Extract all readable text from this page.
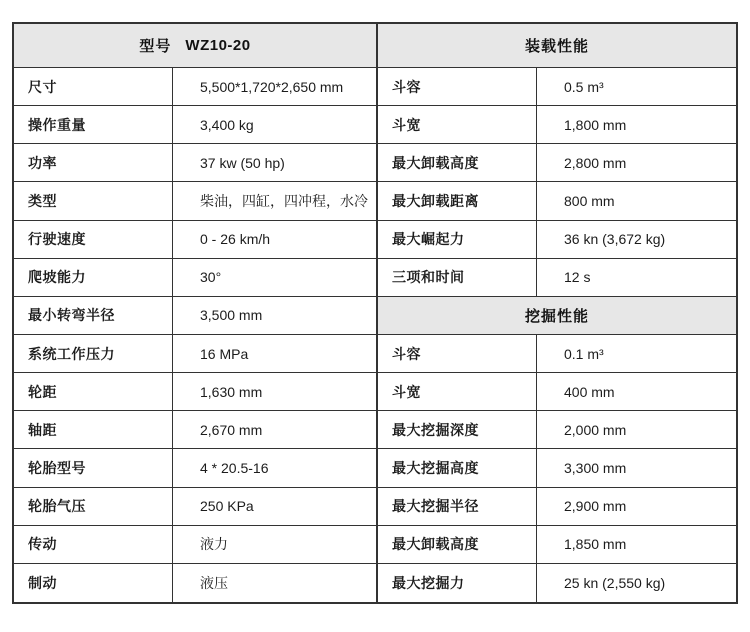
型号 WZ10-20	装载性能
尺寸	5,500*1,720*2,650 mm	斗容	0.5 m³
操作重量	3,400 kg	斗宽	1,800 mm
功率	37 kw (50 hp)	最大卸载高度	2,800 mm
类型	柴油，四缸，四冲程，水冷	最大卸载距离	800 mm
行驶速度	0 - 26 km/h	最大崛起力	36 kn (3,672 kg)
爬坡能力	30°	三项和时间	12 s
最小转弯半径	3,500 mm	挖掘性能
系统工作压力	16 MPa	斗容	0.1 m³
轮距	1,630 mm	斗宽	400 mm
轴距	2,670 mm	最大挖掘深度	2,000 mm
轮胎型号	4 * 20.5-16	最大挖掘高度	3,300 mm
轮胎气压	250 KPa	最大挖掘半径	2,900 mm
传动	液力	最大卸载高度	1,850 mm
制动	液压	最大挖掘力	25 kn (2,550 kg)
